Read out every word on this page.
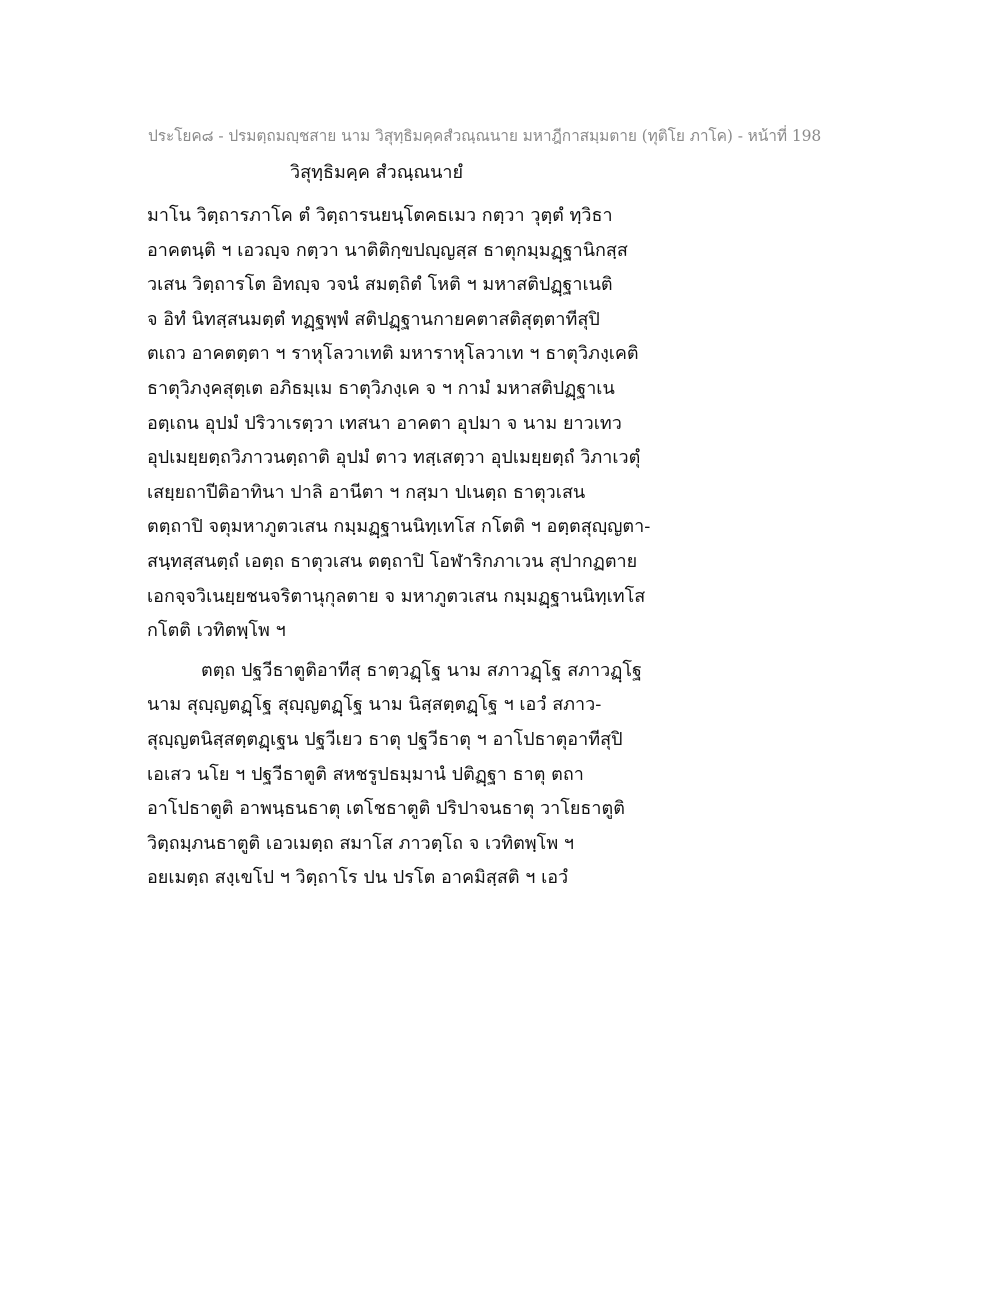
ประโยค๘ - ปรมตฺถมญฺชสาย นาม วิสุทฺธิมคฺคสํวณฺณนาย มหาฎีกาสมฺมตาย (ทุติโย ภาโค) - หน้าที่ 198
วิสุทฺธิมคฺค สํวณฺณนายํ
มาโน วิตฺถารภาโค ตํ วิตฺถารนยนฺโตคธเมว กตฺวา วุตฺตํ ทฺวิธา
อาคตนฺติ ฯ เอวญฺจ กตฺวา นาติติกฺขปญฺญสฺส ธาตุกมฺมฏฺฐานิกสฺส
วเสน วิตฺถารโต อิทญฺจ วจนํ สมตฺถิตํ โหติ ฯ มหาสติปฏฺฐาเนติ
จ อิทํ นิทสฺสนมตฺตํ ทฏฺฐพฺพํ สติปฏฺฐานกายคตาสติสุตฺตาทีสุปิ
ตเถว อาคตตฺตา ฯ ราหุโลวาเทติ มหาราหุโลวาเท ฯ ธาตุวิภงฺเคติ
ธาตุวิภงฺคสุตฺเต อภิธมฺเม ธาตุวิภงฺเค จ ฯ กามํ มหาสติปฏฺฐาเน
อตฺเถน อุปมํ ปริวาเรตฺวา เทสนา อาคตา อุปมา จ นาม ยาวเทว
อุปเมยฺยตฺถวิภาวนตฺถาติ อุปมํ ตาว ทสฺเสตฺวา อุปเมยฺยตฺถํ วิภาเวตุํ
เสยฺยถาปีติอาทินา ปาลิ อานีตา ฯ กสฺมา ปเนตฺถ ธาตุวเสน
ตตฺถาปิ จตุมหาภูตวเสน กมฺมฏฺฐานนิทฺเทโส กโตติ ฯ อตฺตสุญฺญตา-
สนฺทสฺสนตฺถํ เอตฺถ ธาตุวเสน ตตฺถาปิ โอฬาริกภาเวน สุปากฏตาย
เอกจฺจวิเนยฺยชนจริตานุกุลตาย จ มหาภูตวเสน กมฺมฏฺฐานนิทฺเทโส
กโตติ เวทิตพฺโพ ฯ
ตตฺถ ปฐวีธาตูติอาทีสุ ธาตฺวฏฺโฐ นาม สภาวฏฺโฐ สภาวฏฺโฐ
นาม สุญฺญตฏฺโฐ สุญฺญตฏฺโฐ นาม นิสฺสตฺตฏฺโฐ ฯ เอวํ สภาว-
สุญฺญตนิสฺสตฺตฏฺเฐน ปฐวีเยว ธาตุ ปฐวีธาตุ ฯ อาโปธาตุอาทีสุปิ
เอเสว นโย ฯ ปฐวีธาตูติ สหชรูปธมฺมานํ ปติฏฺฐา ธาตุ ตถา
อาโปธาตูติ อาพนฺธนธาตุ เตโชธาตูติ ปริปาจนธาตุ วาโยธาตูติ
วิตฺถมฺภนธาตูติ เอวเมตฺถ สมาโส ภาวตฺโถ จ เวทิตพฺโพ ฯ
อยเมตฺถ สงฺเขโป ฯ วิตฺถาโร ปน ปรโต อาคมิสฺสติ ฯ เอวํ
